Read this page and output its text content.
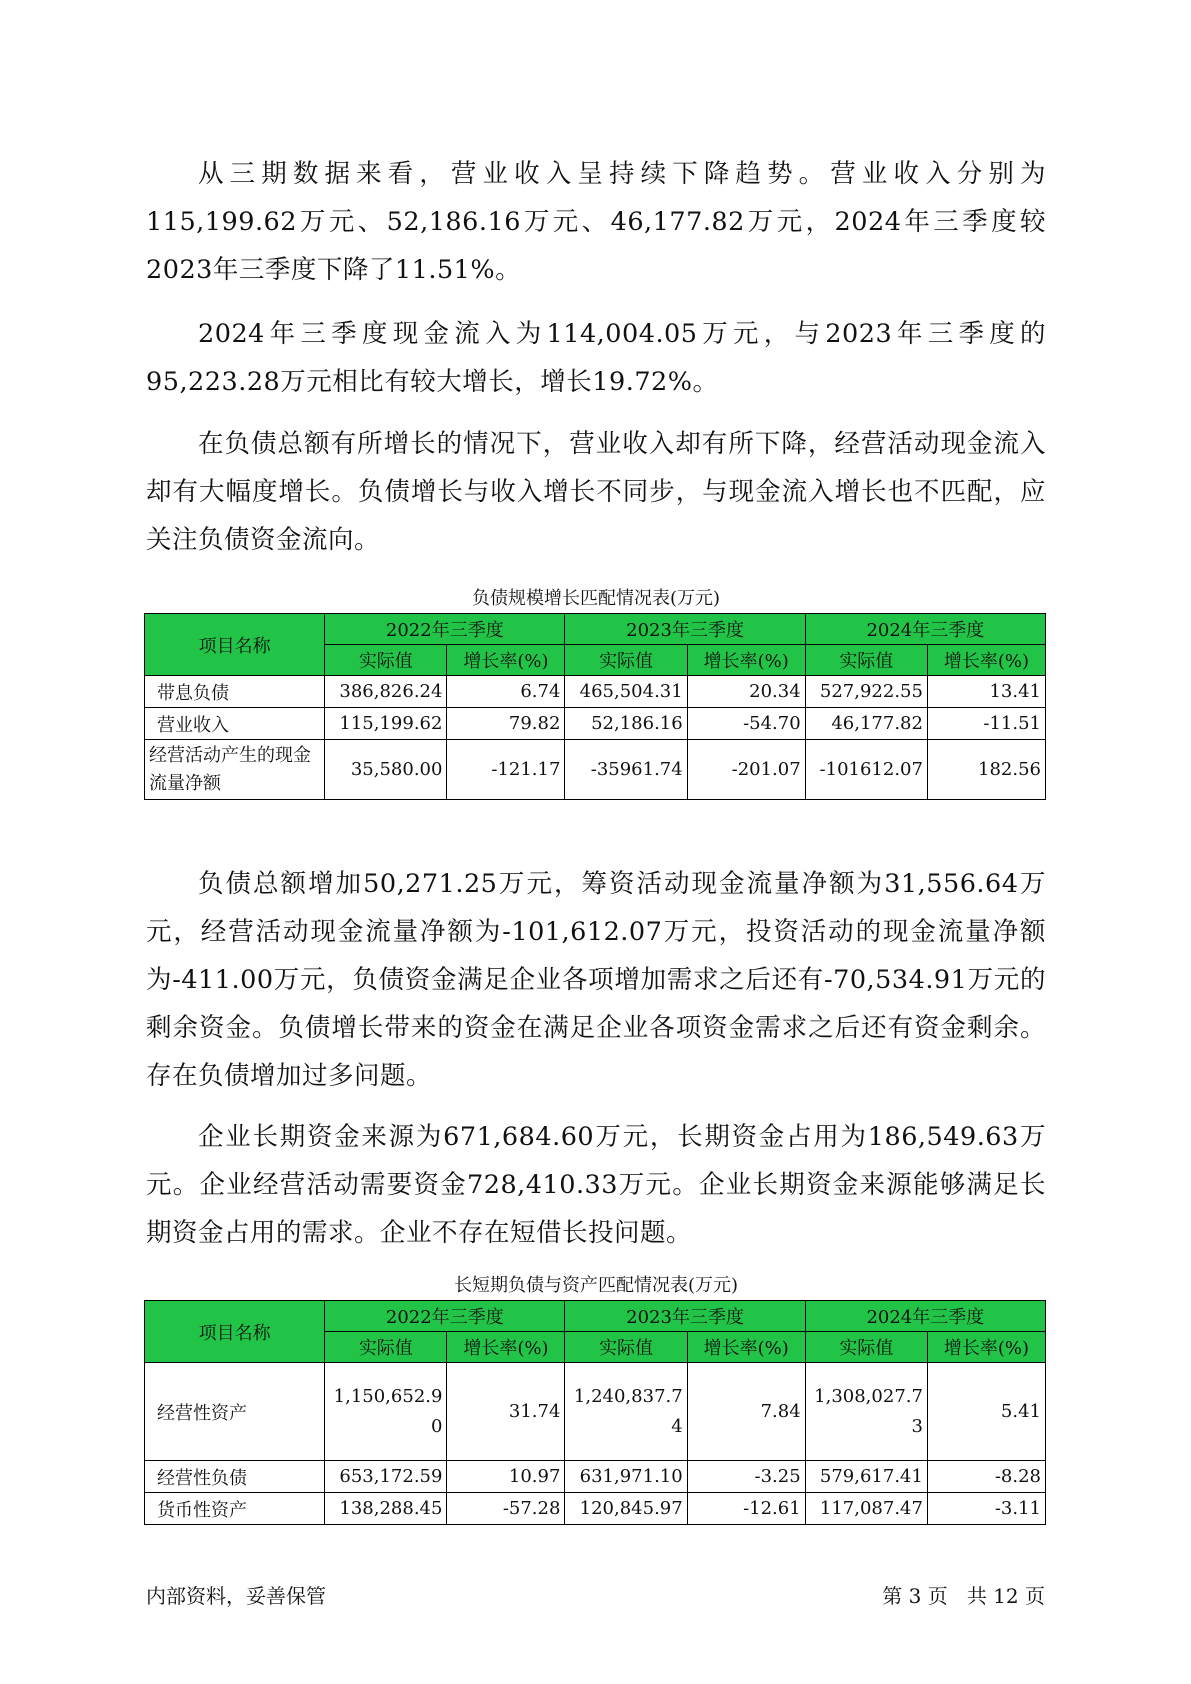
从三期数据来看，营业收入呈持续下降趋势。营业收入分别为115,199.62万元、52,186.16万元、46,177.82万元，2024年三季度较2023年三季度下降了11.51%。

2024年三季度现金流入为114,004.05万元，与2023年三季度的95,223.28万元相比有较大增长，增长19.72%。

在负债总额有所增长的情况下，营业收入却有所下降，经营活动现金流入却有大幅度增长。负债增长与收入增长不同步，与现金流入增长也不匹配，应关注负债资金流向。

负债规模增长匹配情况表(万元)

项目名称	2022年三季度		2023年三季度		2024年三季度	
	实际值	增长率(%)	实际值	增长率(%)	实际值	增长率(%)
带息负债	386,826.24	6.74	465,504.31	20.34	527,922.55	13.41
营业收入	115,199.62	79.82	52,186.16	-54.70	46,177.82	-11.51
经营活动产生的现金流量净额	35,580.00	-121.17	-35961.74	-201.07	-101612.07	182.56

负债总额增加50,271.25万元，筹资活动现金流量净额为31,556.64万元，经营活动现金流量净额为-101,612.07万元，投资活动的现金流量净额为-411.00万元，负债资金满足企业各项增加需求之后还有-70,534.91万元的剩余资金。负债增长带来的资金在满足企业各项资金需求之后还有资金剩余。存在负债增加过多问题。

企业长期资金来源为671,684.60万元，长期资金占用为186,549.63万元。企业经营活动需要资金728,410.33万元。企业长期资金来源能够满足长期资金占用的需求。企业不存在短借长投问题。

长短期负债与资产匹配情况表(万元)

项目名称	2022年三季度		2023年三季度		2024年三季度	
	实际值	增长率(%)	实际值	增长率(%)	实际值	增长率(%)
经营性资产	1,150,652.90	31.74	1,240,837.74	7.84	1,308,027.73	5.41
经营性负债	653,172.59	10.97	631,971.10	-3.25	579,617.41	-8.28
货币性资产	138,288.45	-57.28	120,845.97	-12.61	117,087.47	-3.11

内部资料，妥善保管	第 3 页 共 12 页
